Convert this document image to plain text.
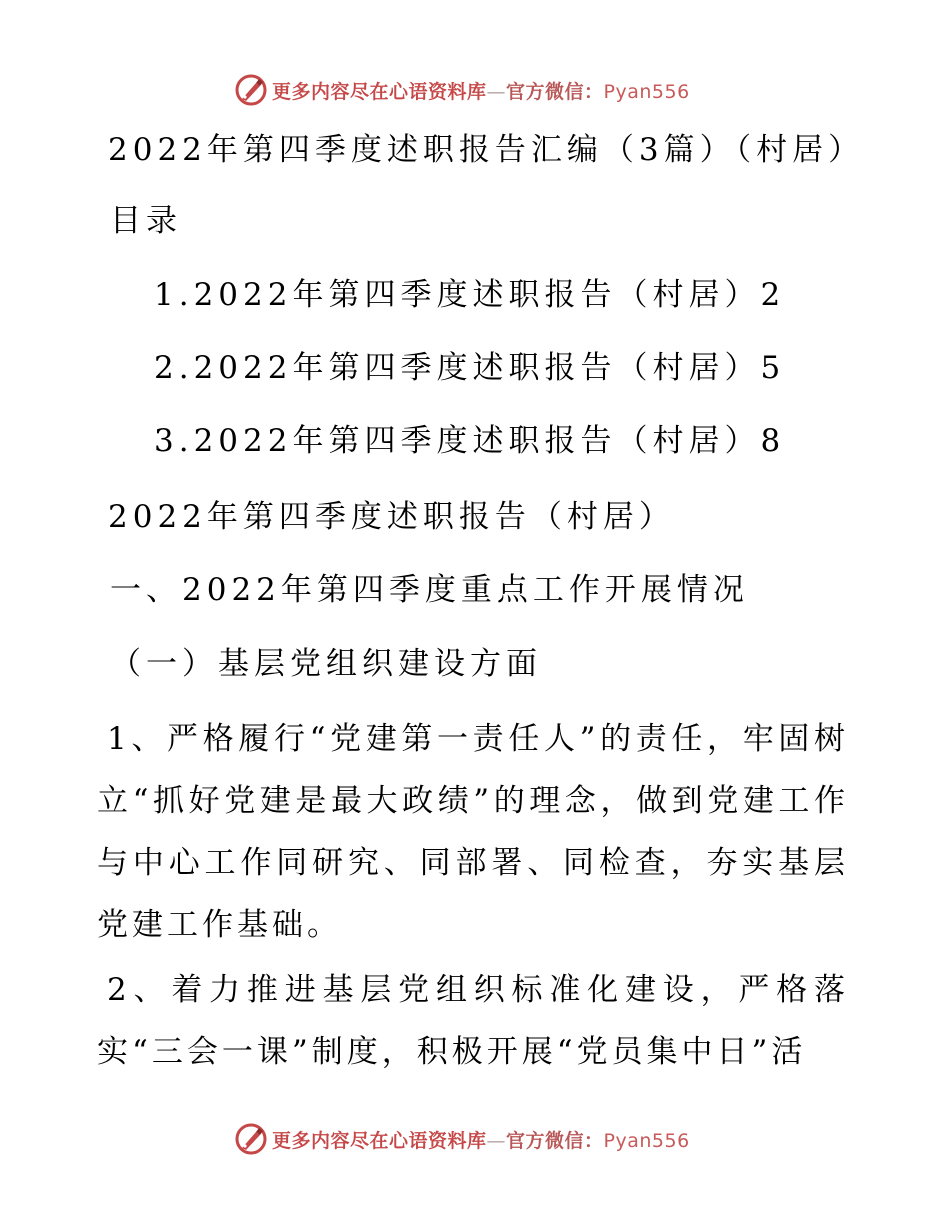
更多内容尽在心语资料库—官方微信：Pyan556
2022年第四季度述职报告汇编（3篇）（村居）
目录
1.2022年第四季度述职报告（村居）2
2.2022年第四季度述职报告（村居）5
3.2022年第四季度述职报告（村居）8
2022年第四季度述职报告（村居）
一、2022年第四季度重点工作开展情况
（一）基层党组织建设方面
1、严格履行“党建第一责任人”的责任，牢固树立“抓好党建是最大政绩”的理念，做到党建工作与中心工作同研究、同部署、同检查，夯实基层党建工作基础。
2、着力推进基层党组织标准化建设，严格落实“三会一课”制度，积极开展“党员集中日”活
更多内容尽在心语资料库—官方微信：Pyan556
